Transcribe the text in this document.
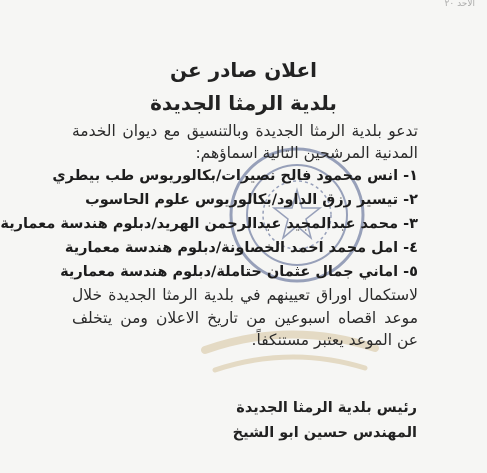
الأحد ٢٠
اعلان صادر عن
بلدية الرمثا الجديدة

تدعو بلدية الرمثا الجديدة وبالتنسيق مع ديوان الخدمة المدنية المرشحين التالية اسماؤهم:

١- انس محمود فالح نصيرات/بكالوريوس طب بيطري
٢- تيسير رزق الداود/بكالوريوس علوم الحاسوب
٣- محمد عبدالمجيد عبدالرحمن الهريد/دبلوم هندسة معمارية
٤- امل محمد احمد الخصاونة/دبلوم هندسة معمارية
٥- اماني جمال عثمان حتاملة/دبلوم هندسة معمارية

لاستكمال اوراق تعيينهم في بلدية الرمثا الجديدة خلال موعد اقصاه اسبوعين من تاريخ الاعلان ومن يتخلف عن الموعد يعتبر مستنكفاً.

رئيس بلدية الرمثا الجديدة
المهندس حسين ابو الشيخ
